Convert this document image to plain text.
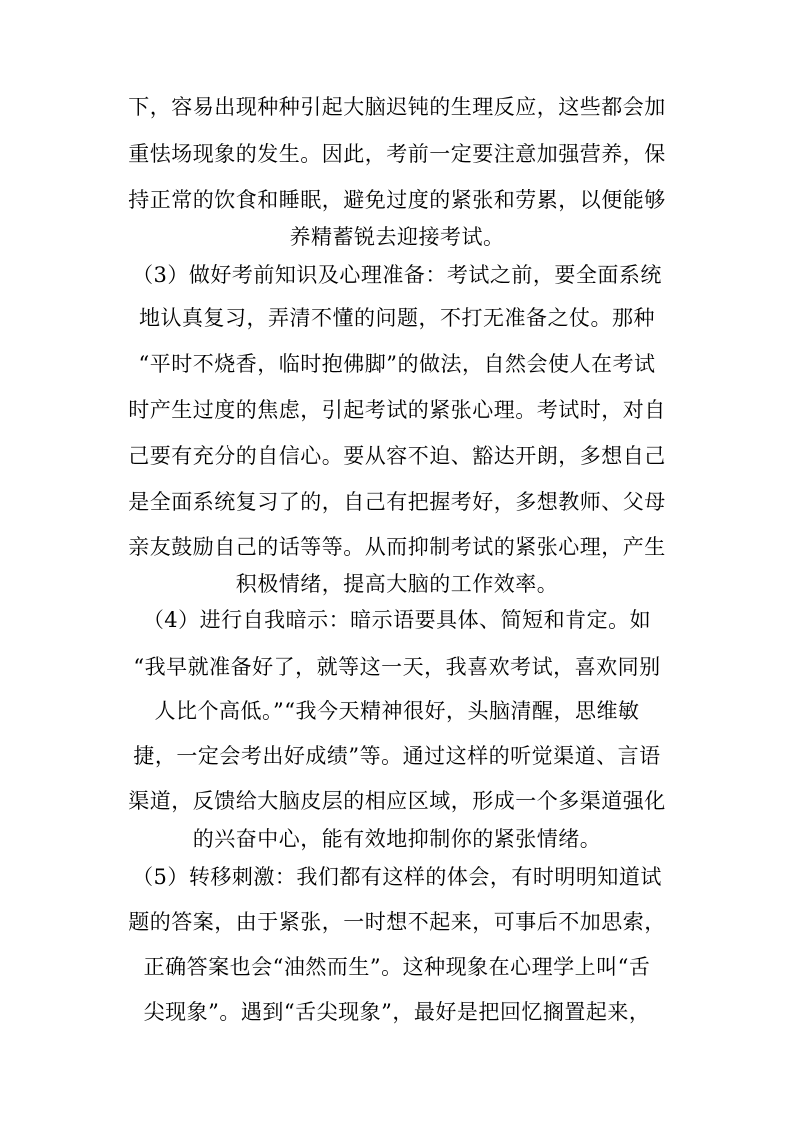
下，容易出现种种引起大脑迟钝的生理反应，这些都会加
重怯场现象的发生。因此，考前一定要注意加强营养，保
持正常的饮食和睡眠，避免过度的紧张和劳累，以便能够
养精蓄锐去迎接考试。
（3）做好考前知识及心理准备：考试之前，要全面系统
地认真复习，弄清不懂的问题，不打无准备之仗。那种
“平时不烧香，临时抱佛脚”的做法，自然会使人在考试
时产生过度的焦虑，引起考试的紧张心理。考试时，对自
己要有充分的自信心。要从容不迫、豁达开朗，多想自己
是全面系统复习了的，自己有把握考好，多想教师、父母
亲友鼓励自己的话等等。从而抑制考试的紧张心理，产生
积极情绪，提高大脑的工作效率。
（4）进行自我暗示：暗示语要具体、简短和肯定。如
“我早就准备好了，就等这一天，我喜欢考试，喜欢同别
人比个高低。”“我今天精神很好，头脑清醒，思维敏
捷，一定会考出好成绩”等。通过这样的听觉渠道、言语
渠道，反馈给大脑皮层的相应区域，形成一个多渠道强化
的兴奋中心，能有效地抑制你的紧张情绪。
（5）转移刺激：我们都有这样的体会，有时明明知道试
题的答案，由于紧张，一时想不起来，可事后不加思索，
正确答案也会“油然而生”。这种现象在心理学上叫“舌
尖现象”。遇到“舌尖现象”，最好是把回忆搁置起来，
